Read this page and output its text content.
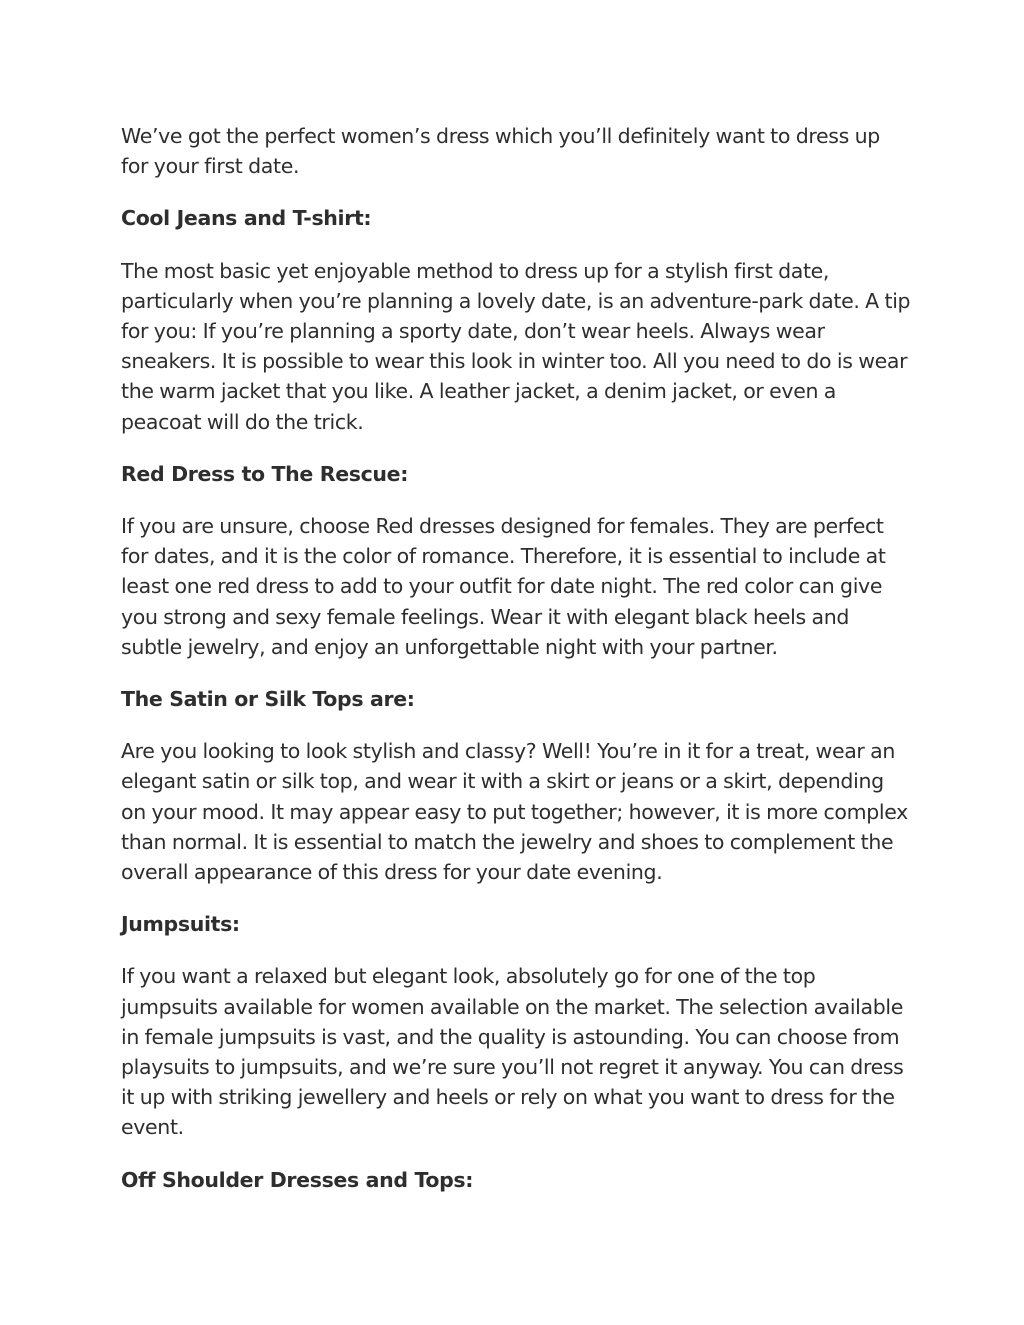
We’ve got the perfect women’s dress which you’ll definitely want to dress up for your first date.

Cool Jeans and T-shirt:

The most basic yet enjoyable method to dress up for a stylish first date, particularly when you’re planning a lovely date, is an adventure-park date. A tip for you: If you’re planning a sporty date, don’t wear heels. Always wear sneakers. It is possible to wear this look in winter too. All you need to do is wear the warm jacket that you like. A leather jacket, a denim jacket, or even a peacoat will do the trick.

Red Dress to The Rescue:

If you are unsure, choose Red dresses designed for females. They are perfect for dates, and it is the color of romance. Therefore, it is essential to include at least one red dress to add to your outfit for date night. The red color can give you strong and sexy female feelings. Wear it with elegant black heels and subtle jewelry, and enjoy an unforgettable night with your partner.

The Satin or Silk Tops are:

Are you looking to look stylish and classy? Well! You’re in it for a treat, wear an elegant satin or silk top, and wear it with a skirt or jeans or a skirt, depending on your mood. It may appear easy to put together; however, it is more complex than normal. It is essential to match the jewelry and shoes to complement the overall appearance of this dress for your date evening.

Jumpsuits:

If you want a relaxed but elegant look, absolutely go for one of the top jumpsuits available for women available on the market. The selection available in female jumpsuits is vast, and the quality is astounding. You can choose from playsuits to jumpsuits, and we’re sure you’ll not regret it anyway. You can dress it up with striking jewellery and heels or rely on what you want to dress for the event.

Off Shoulder Dresses and Tops:
